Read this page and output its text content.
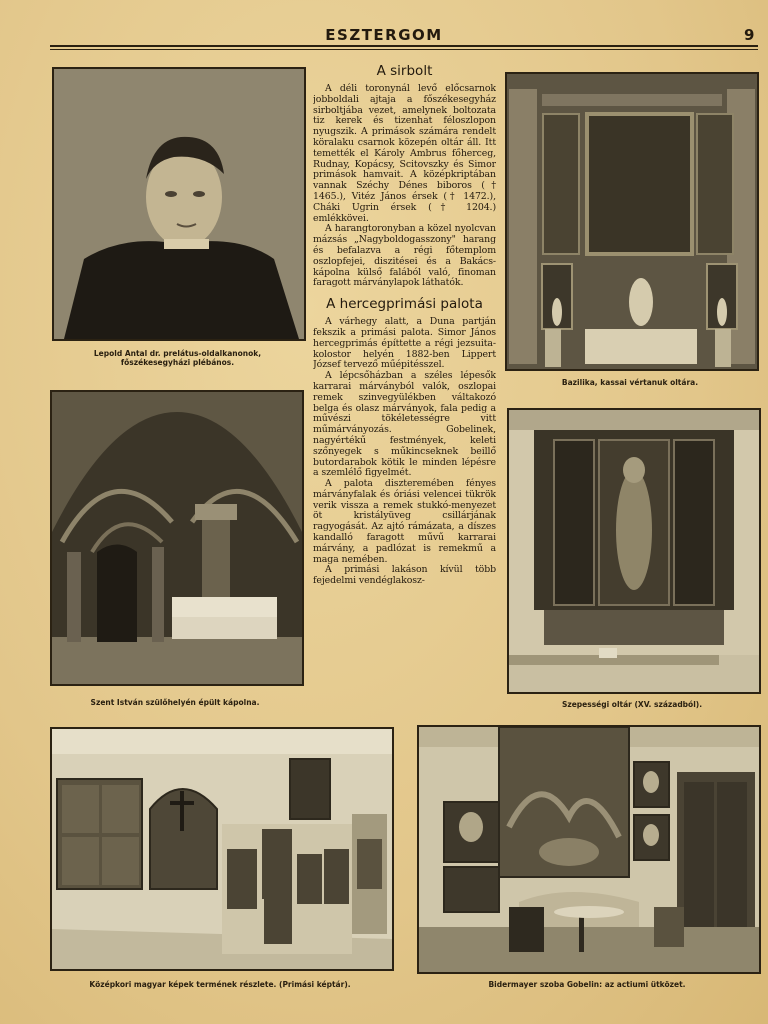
ESZTERGOM	9
Lepold Antal dr. prelátus-oldalkanonok, főszékesegyházi plébános.
Bazilika, kassai vértanuk oltára.
Szent István szülőhelyén épült kápolna.	Szepességi oltár (XV. századból).
Középkori magyar képek termének részlete. (Primási képtár).	Bidermayer szoba Gobelin: az actiumi ütközet.
A sirbolt

A déli toronynál levő előcsarnok jobboldali ajtaja a főszékesegyház sirboltjába vezet, amelynek boltozata tiz kerek és tizenhat féloszlopon nyugszik. A primások számára rendelt köralaku csarnok közepén oltár áll. Itt temették el Károly Ambrus főherceg, Rudnay, Kopácsy, Scitovszky és Simor primások hamvait. A középkriptában vannak Széchy Dénes biboros († 1465.), Vitéz János érsek († 1472.), Cháki Ugrin érsek († 1204.) emlékkövei.

A harangtoronyban a közel nyolcvan mázsás „Nagyboldogasszony" harang és befalazva a régi főtemplom oszlopfejei, diszitései és a Bakács-kápolna külső falából való, finoman faragott márványlapok láthatók.

A hercegprimási palota

A várhegy alatt, a Duna partján fekszik a primási palota. Simor János hercegprimás építtette a régi jezsuita-kolostor helyén 1882-ben Lippert József tervező műépitésszel.

A lépcsőházban a széles lépesők karrarai márványból valók, oszlopai remek szinvegyülékben váltakozó belga és olasz márványok, fala pedig a művészi tökéletességre vitt műmárványozás. Gobelinek, nagyértékű festmények, keleti szőnyegek s műkincseknek beillő butordarabok kötik le minden lépésre a szemlélő figyelmét.

A palota diszteremében fényes márványfalak és óriási velencei tükrök verik vissza a remek stukkó-menyezet öt kristályüveg csillárjának ragyogását. Az ajtó rámázata, a díszes kandalló faragott művű karrarai márvány, a padlózat is remekmű a maga nemében.

A primási lakáson kívül több fejedelmi vendéglakosz-
